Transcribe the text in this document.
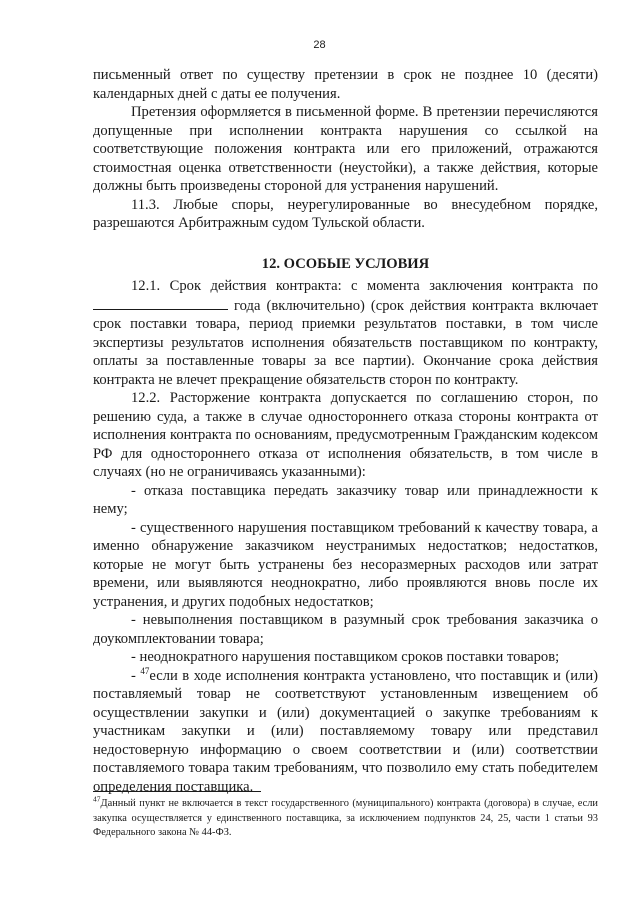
28

письменный ответ по существу претензии в срок не позднее 10 (десяти) календарных дней с даты ее получения.

Претензия оформляется в письменной форме. В претензии перечисляются допущенные при исполнении контракта нарушения со ссылкой на соответствующие положения контракта или его приложений, отражаются стоимостная оценка ответственности (неустойки), а также действия, которые должны быть произведены стороной для устранения нарушений.

11.3. Любые споры, неурегулированные во внесудебном порядке, разрешаются Арбитражным судом Тульской области.

12. ОСОБЫЕ УСЛОВИЯ

12.1. Срок действия контракта: с момента заключения контракта по  года (включительно) (срок действия контракта включает срок поставки товара, период приемки результатов поставки, в том числе экспертизы результатов исполнения обязательств поставщиком по контракту, оплаты за поставленные товары за все партии). Окончание срока действия контракта не влечет прекращение обязательств сторон по контракту.

12.2. Расторжение контракта допускается по соглашению сторон, по решению суда, а также в случае одностороннего отказа стороны контракта от исполнения контракта по основаниям, предусмотренным Гражданским кодексом РФ для одностороннего отказа от исполнения обязательств, в том числе в случаях (но не ограничиваясь указанными):

- отказа поставщика передать заказчику товар или принадлежности к нему;

- существенного нарушения поставщиком требований к качеству товара, а именно обнаружение заказчиком неустранимых недостатков; недостатков, которые не могут быть устранены без несоразмерных расходов или затрат времени, или выявляются неоднократно, либо проявляются вновь после их устранения, и других подобных недостатков;

- невыполнения поставщиком в разумный срок требования заказчика о доукомплектовании товара;

- неоднократного нарушения поставщиком сроков поставки товаров;

- $^{47}$если в ходе исполнения контракта установлено, что поставщик и (или) поставляемый товар не соответствуют установленным извещением об осуществлении закупки и (или) документацией о закупке требованиям к участникам закупки и (или) поставляемому товару или представил недостоверную информацию о своем соответствии и (или) соответствии поставляемого товара таким требованиям, что позволило ему стать победителем определения поставщика.

$^{47}$Данный пункт не включается в текст государственного (муниципального) контракта (договора) в случае, если закупка осуществляется у единственного поставщика, за исключением подпунктов 24, 25, части 1 статьи 93 Федерального закона № 44-ФЗ.
